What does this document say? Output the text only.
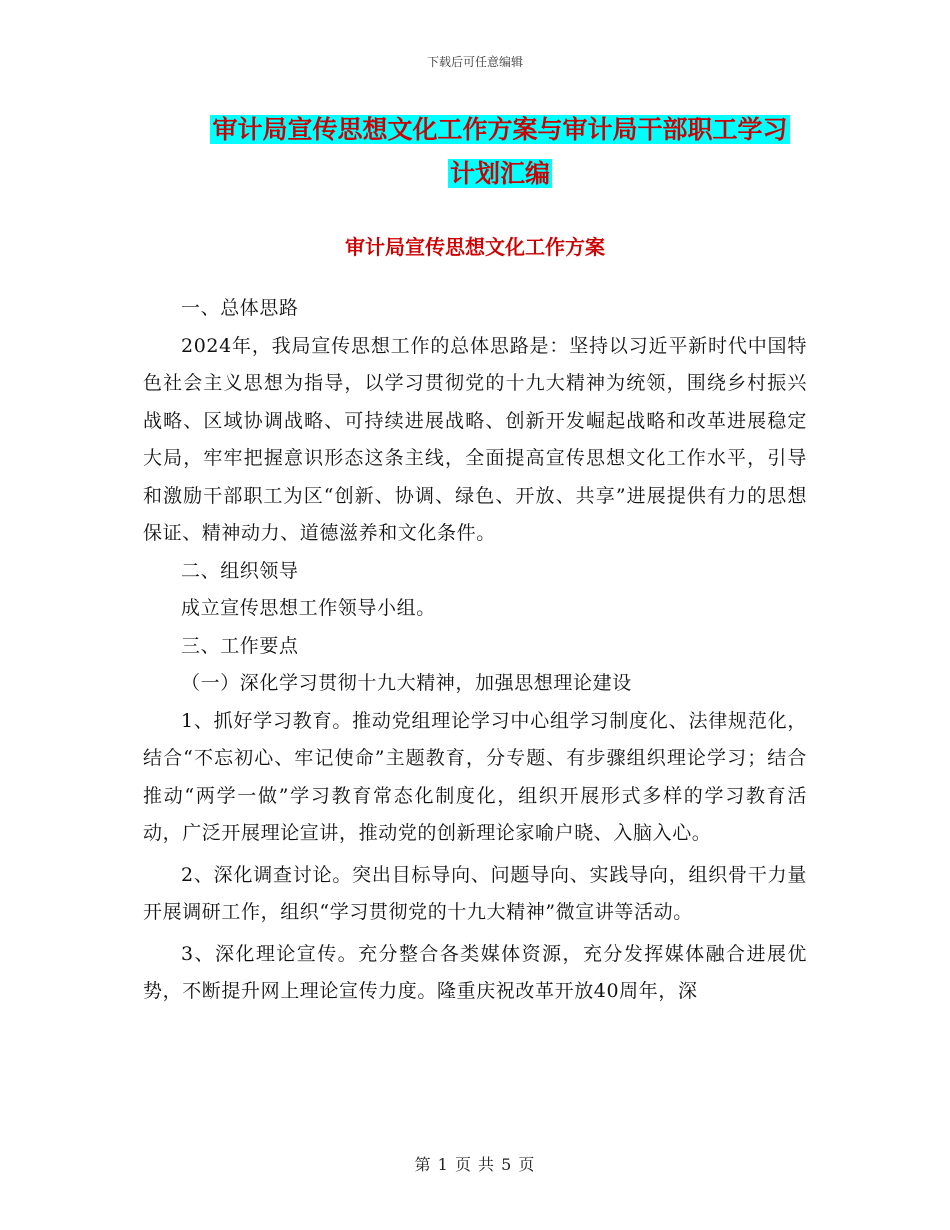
下载后可任意编辑
审计局宣传思想文化工作方案与审计局干部职工学习
计划汇编
审计局宣传思想文化工作方案

一、总体思路

2024年，我局宣传思想工作的总体思路是：坚持以习近平新时代中国特色社会主义思想为指导，以学习贯彻党的十九大精神为统领，围绕乡村振兴战略、区域协调战略、可持续进展战略、创新开发崛起战略和改革进展稳定大局，牢牢把握意识形态这条主线，全面提高宣传思想文化工作水平，引导和激励干部职工为区“创新、协调、绿色、开放、共享”进展提供有力的思想保证、精神动力、道德滋养和文化条件。

二、组织领导

成立宣传思想工作领导小组。

三、工作要点

（一）深化学习贯彻十九大精神，加强思想理论建设

1、抓好学习教育。推动党组理论学习中心组学习制度化、法律规范化，结合“不忘初心、牢记使命”主题教育，分专题、有步骤组织理论学习；结合推动“两学一做”学习教育常态化制度化，组织开展形式多样的学习教育活动，广泛开展理论宣讲，推动党的创新理论家喻户晓、入脑入心。

2、深化调查讨论。突出目标导向、问题导向、实践导向，组织骨干力量开展调研工作，组织“学习贯彻党的十九大精神”微宣讲等活动。

3、深化理论宣传。充分整合各类媒体资源，充分发挥媒体融合进展优势，不断提升网上理论宣传力度。隆重庆祝改革开放40周年，深

第 1 页 共 5 页
